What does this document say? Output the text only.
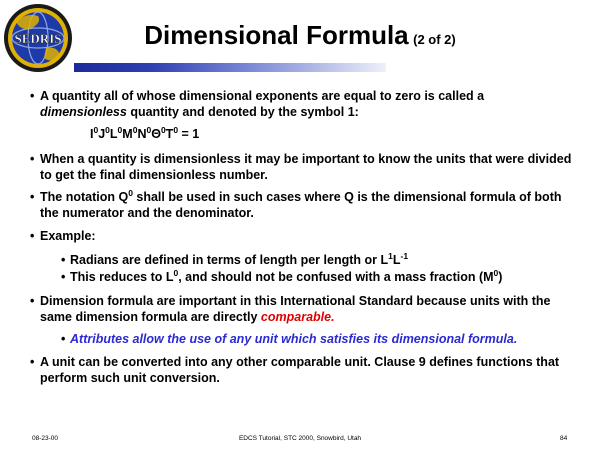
SEDRIS	Dimensional Formula (2 of 2)
• A quantity all of whose dimensional exponents are equal to zero is called a dimensionless quantity and denoted by the symbol 1:
$I^0J^0L^0M^0N^0\Theta^0T^0 = 1$
• When a quantity is dimensionless it may be important to know the units that were divided to get the final dimensionless number.
• The notation $Q^0$ shall be used in such cases where Q is the dimensional formula of both the numerator and the denominator.
• Example:
• Radians are defined in terms of length per length or $L^1L^{-1}$
• This reduces to $L^0$, and should not be confused with a mass fraction $(M^0)$
• Dimension formula are important in this International Standard because units with the same dimension formula are directly comparable.
• Attributes allow the use of any unit which satisfies its dimensional formula.
• A unit can be converted into any other comparable unit. Clause 9 defines functions that perform such unit conversion.
08-23-00	EDCS Tutorial, STC 2000, Snowbird, Utah	84
